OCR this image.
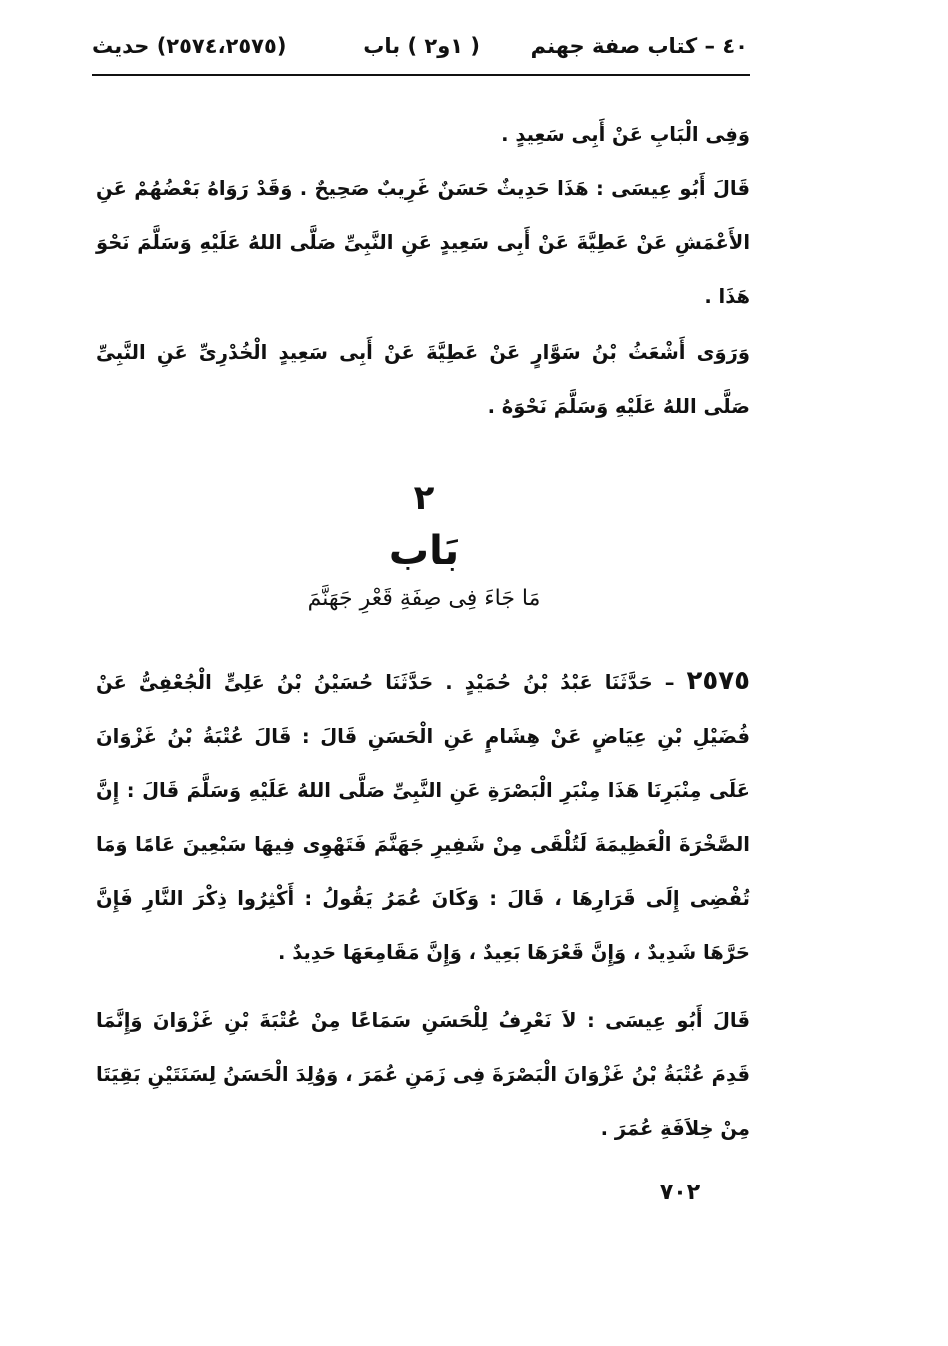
٤٠ – كتاب صفة جهنم
( ١و٢ ) باب
(٢٥٧٤،٢٥٧٥) حديث
وَفِى الْبَابِ عَنْ أَبِى سَعِيدٍ .
قَالَ أَبُو عِيسَى : هَذَا حَدِيثٌ حَسَنٌ غَرِيبٌ صَحِيحٌ . وَقَدْ رَوَاهُ بَعْضُهُمْ عَنِ الأَعْمَشِ عَنْ عَطِيَّةَ عَنْ أَبِى سَعِيدٍ عَنِ النَّبِىِّ صَلَّى اللهُ عَلَيْهِ وَسَلَّمَ نَحْوَ هَذَا .
وَرَوَى أَشْعَثُ بْنُ سَوَّارٍ عَنْ عَطِيَّةَ عَنْ أَبِى سَعِيدٍ الْخُدْرِىِّ عَنِ النَّبِىِّ صَلَّى اللهُ عَلَيْهِ وَسَلَّمَ نَحْوَهُ .
٢
بَاب
مَا جَاءَ فِى صِفَةِ قَعْرِ جَهَنَّمَ
٢٥٧٥ – حَدَّثَنَا عَبْدُ بْنُ حُمَيْدٍ . حَدَّثَنَا حُسَيْنُ بْنُ عَلِىٍّ الْجُعْفِىُّ عَنْ فُضَيْلِ بْنِ عِيَاضٍ عَنْ هِشَامٍ عَنِ الْحَسَنِ قَالَ : قَالَ عُتْبَةُ بْنُ غَزْوَانَ عَلَى مِنْبَرِنَا هَذَا مِنْبَرِ الْبَصْرَةِ عَنِ النَّبِىِّ صَلَّى اللهُ عَلَيْهِ وَسَلَّمَ قَالَ : إِنَّ الصَّخْرَةَ الْعَظِيمَةَ لَتُلْقَى مِنْ شَفِيرِ جَهَنَّمَ فَتَهْوِى فِيهَا سَبْعِينَ عَامًا وَمَا تُفْضِى إِلَى قَرَارِهَا ، قَالَ : وَكَانَ عُمَرُ يَقُولُ : أَكْثِرُوا ذِكْرَ النَّارِ فَإِنَّ حَرَّهَا شَدِيدٌ ، وَإِنَّ قَعْرَهَا بَعِيدٌ ، وَإِنَّ مَقَامِعَهَا حَدِيدٌ .
قَالَ أَبُو عِيسَى : لاَ نَعْرِفُ لِلْحَسَنِ سَمَاعًا مِنْ عُتْبَةَ بْنِ غَزْوَانَ وَإِنَّمَا قَدِمَ عُتْبَةُ بْنُ غَزْوَانَ الْبَصْرَةَ فِى زَمَنِ عُمَرَ ، وَوُلِدَ الْحَسَنُ لِسَنَتَيْنِ بَقِيَتَا مِنْ خِلاَفَةِ عُمَرَ .
٧٠٢
